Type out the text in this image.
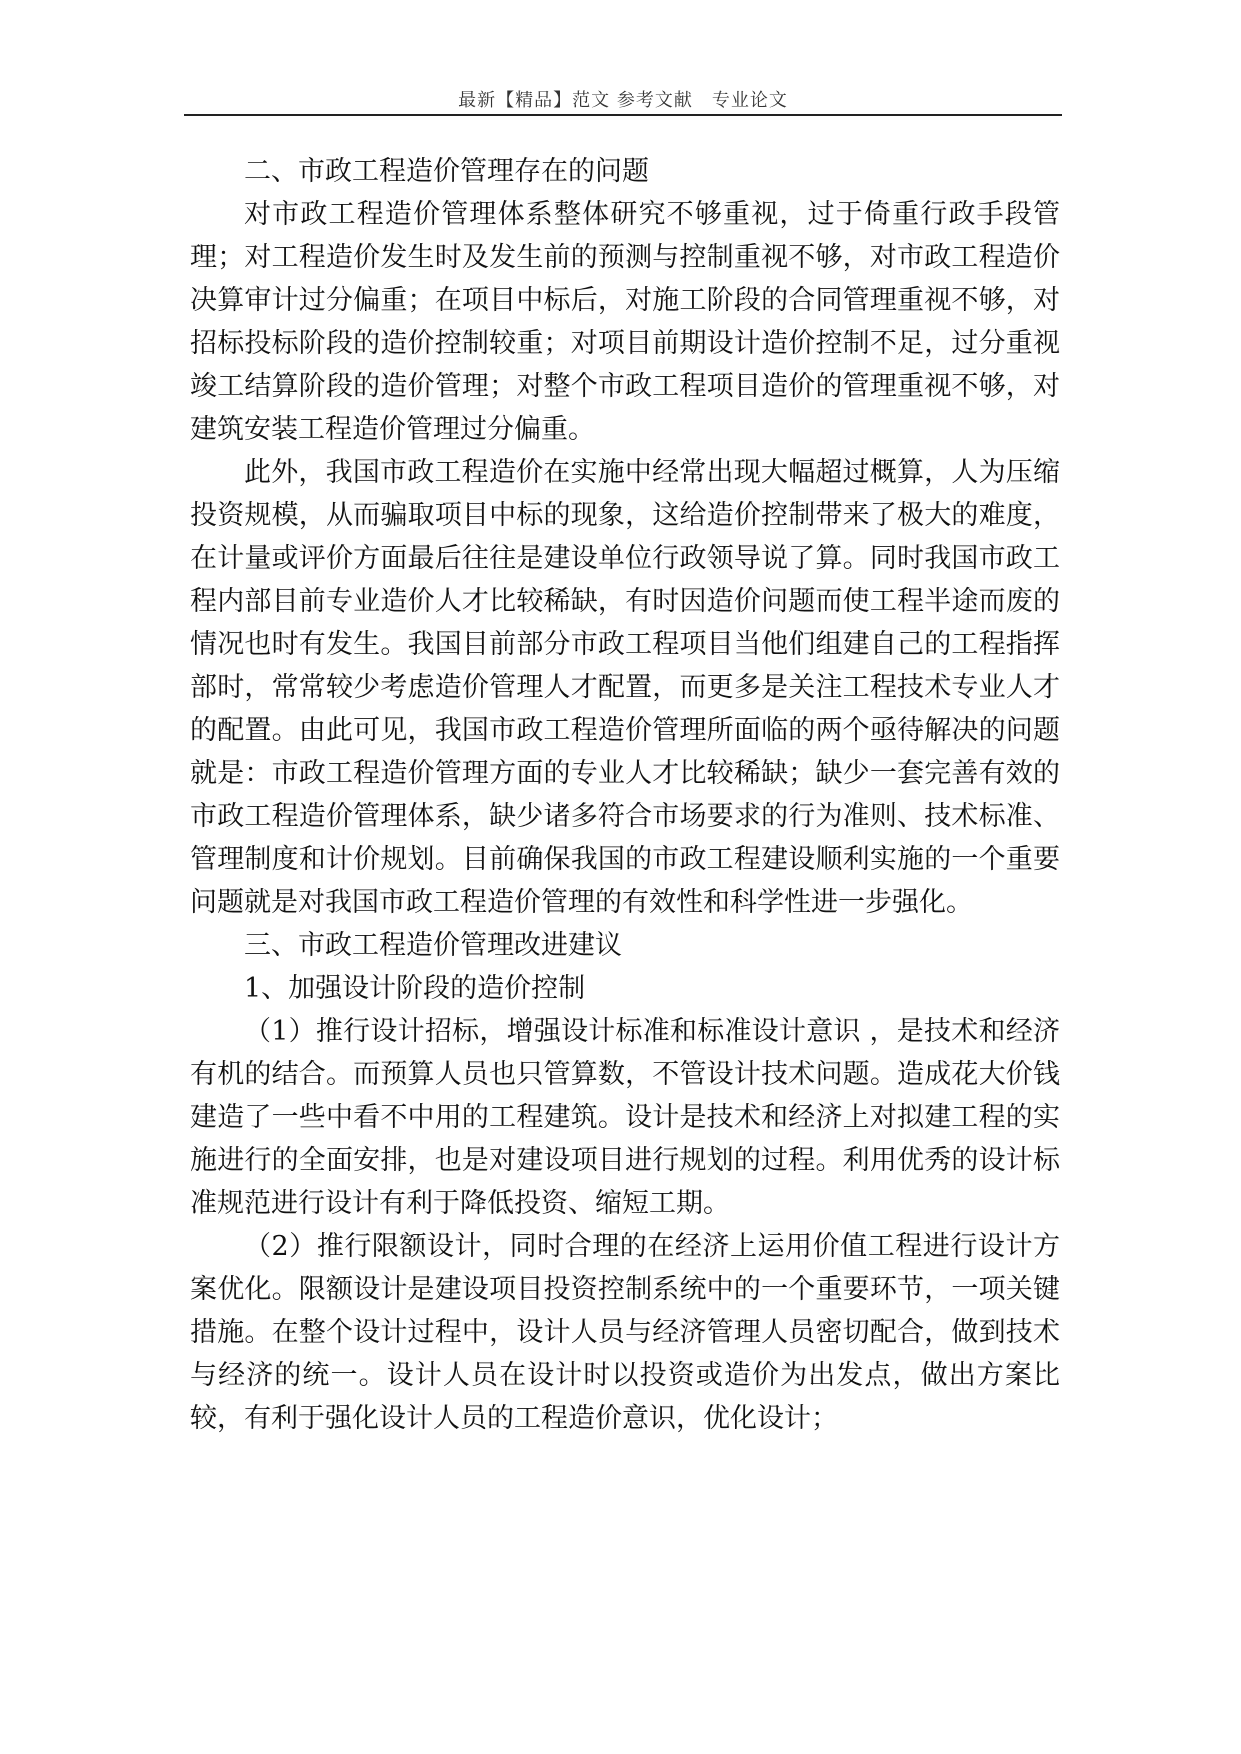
最新【精品】范文 参考文献　专业论文

二、市政工程造价管理存在的问题

对市政工程造价管理体系整体研究不够重视，过于倚重行政手段管理；对工程造价发生时及发生前的预测与控制重视不够，对市政工程造价决算审计过分偏重；在项目中标后，对施工阶段的合同管理重视不够，对招标投标阶段的造价控制较重；对项目前期设计造价控制不足，过分重视竣工结算阶段的造价管理；对整个市政工程项目造价的管理重视不够，对建筑安装工程造价管理过分偏重。

此外，我国市政工程造价在实施中经常出现大幅超过概算，人为压缩投资规模，从而骗取项目中标的现象，这给造价控制带来了极大的难度，在计量或评价方面最后往往是建设单位行政领导说了算。同时我国市政工程内部目前专业造价人才比较稀缺，有时因造价问题而使工程半途而废的情况也时有发生。我国目前部分市政工程项目当他们组建自己的工程指挥部时，常常较少考虑造价管理人才配置，而更多是关注工程技术专业人才的配置。由此可见，我国市政工程造价管理所面临的两个亟待解决的问题就是：市政工程造价管理方面的专业人才比较稀缺；缺少一套完善有效的市政工程造价管理体系，缺少诸多符合市场要求的行为准则、技术标准、管理制度和计价规划。目前确保我国的市政工程建设顺利实施的一个重要问题就是对我国市政工程造价管理的有效性和科学性进一步强化。

三、市政工程造价管理改进建议

1、加强设计阶段的造价控制

（1）推行设计招标，增强设计标准和标准设计意识 ，是技术和经济有机的结合。而预算人员也只管算数，不管设计技术问题。造成花大价钱建造了一些中看不中用的工程建筑。设计是技术和经济上对拟建工程的实施进行的全面安排，也是对建设项目进行规划的过程。利用优秀的设计标准规范进行设计有利于降低投资、缩短工期。

（2）推行限额设计，同时合理的在经济上运用价值工程进行设计方案优化。限额设计是建设项目投资控制系统中的一个重要环节，一项关键措施。在整个设计过程中，设计人员与经济管理人员密切配合，做到技术与经济的统一。设计人员在设计时以投资或造价为出发点，做出方案比较，有利于强化设计人员的工程造价意识，优化设计；
